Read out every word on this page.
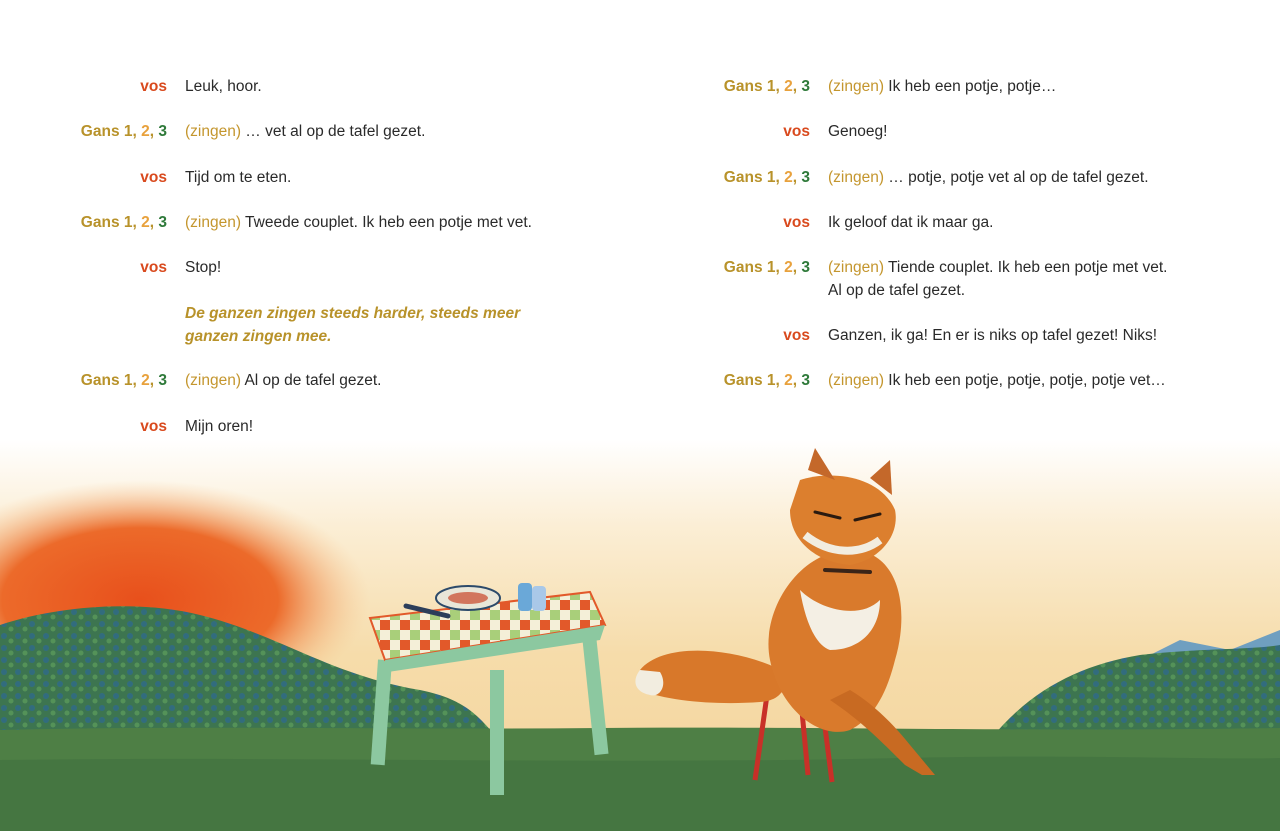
vos Leuk, hoor.
Gans 1, 2, 3 (zingen) … vet al op de tafel gezet.
vos Tijd om te eten.
Gans 1, 2, 3 (zingen) Tweede couplet. Ik heb een potje met vet.
vos Stop!
De ganzen zingen steeds harder, steeds meer ganzen zingen mee.
Gans 1, 2, 3 (zingen) Al op de tafel gezet.
vos Mijn oren!
Gans 1, 2, 3 (zingen) Ik heb een potje, potje…
vos Genoeg!
Gans 1, 2, 3 (zingen) … potje, potje vet al op de tafel gezet.
vos Ik geloof dat ik maar ga.
Gans 1, 2, 3 (zingen) Tiende couplet. Ik heb een potje met vet.
Al op de tafel gezet.
vos Ganzen, ik ga! En er is niks op tafel gezet! Niks!
Gans 1, 2, 3 (zingen) Ik heb een potje, potje, potje, potje vet…
